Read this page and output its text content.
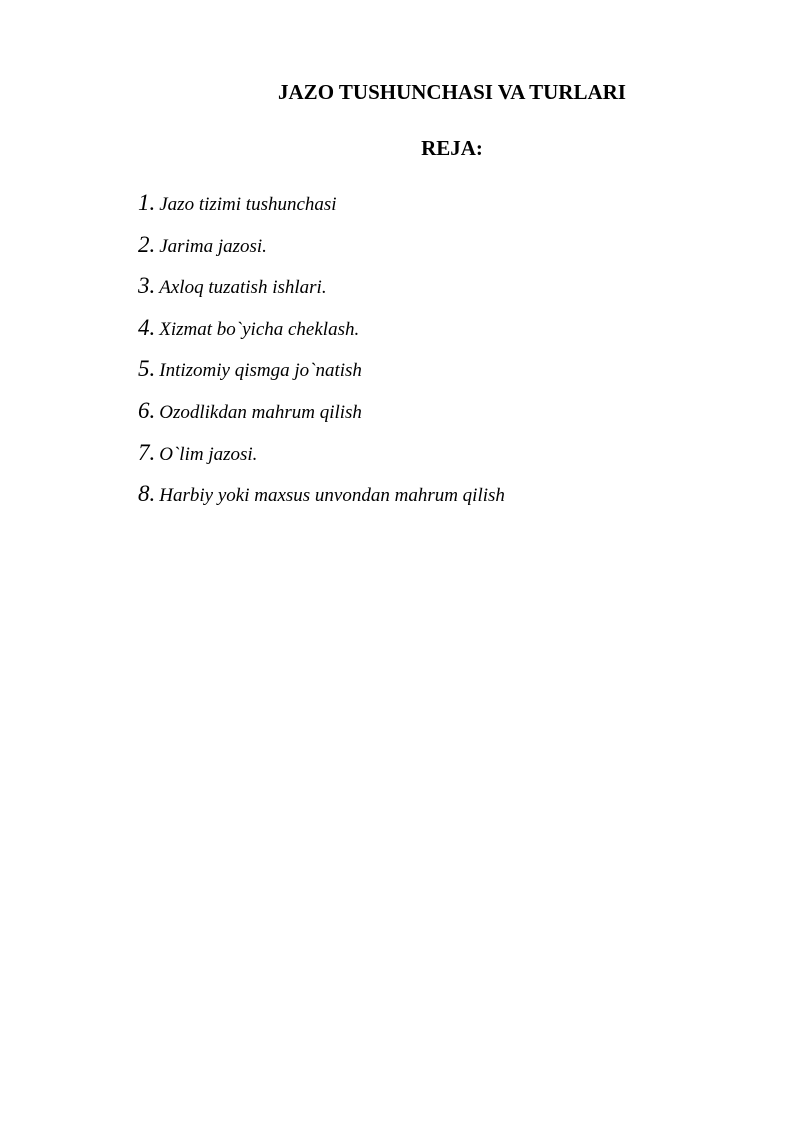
JAZO TUSHUNCHASI VA TURLARI
REJA:
1. Jazo tizimi tushunchasi
2. Jarima jazosi.
3. Axloq tuzatish ishlari.
4. Xizmat bo`yicha cheklash.
5. Intizomiy qismga jo`natish
6. Ozodlikdan mahrum qilish
7. O`lim jazosi.
8. Harbiy yoki maxsus unvondan mahrum qilish
